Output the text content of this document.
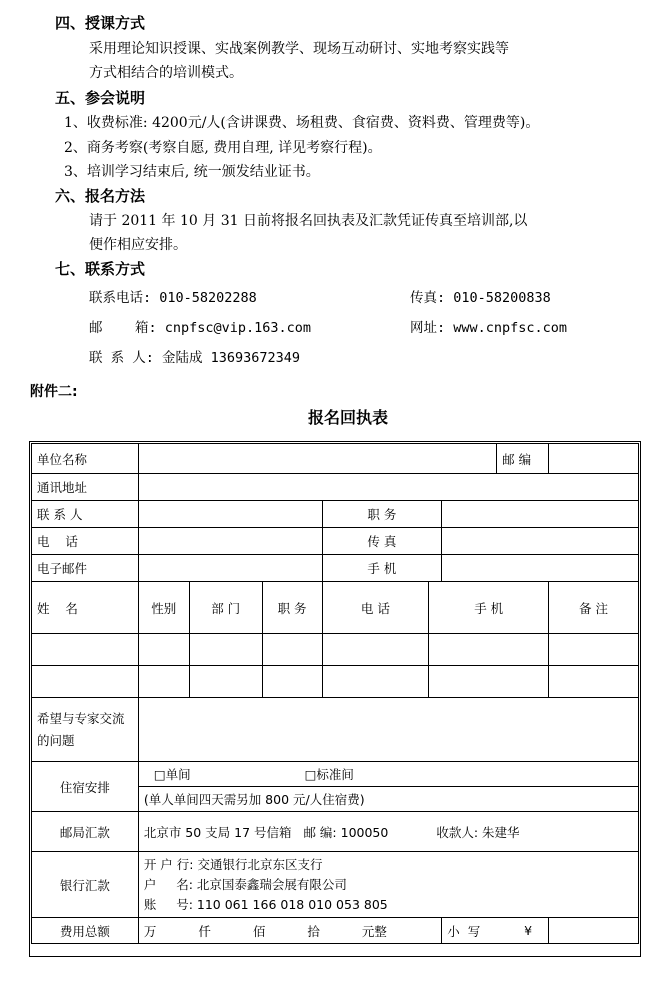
四、授课方式
采用理论知识授课、实战案例教学、现场互动研讨、实地考察实践等
方式相结合的培训模式。
五、参会说明
1、收费标准: 4200元/人(含讲课费、场租费、食宿费、资料费、管理费等)。
2、商务考察(考察自愿, 费用自理, 详见考察行程)。
3、培训学习结束后, 统一颁发结业证书。
六、报名方法
请于 2011 年 10 月 31 日前将报名回执表及汇款凭证传真至培训部,以
便作相应安排。
七、联系方式
联系电话: 010-58202288	传真: 010-58200838
邮    箱: cnpfsc@vip.163.com	网址: www.cnpfsc.com
联 系 人: 金陆成 13693672349
附件二:
报名回执表
单位名称							邮 编	
通讯地址								
联 系 人				职 务				
电    话				传 真				
电子邮件				手 机				
姓    名	性别	部 门	职 务	电 话	手 机			备 注

希望与专家交流的问题								
住宿安排	□单间 □标准间							
	(单人单间四天需另加 800 元/人住宿费)							
邮局汇款	北京市 50 支局 17 号信箱   邮 编: 100050 收款人: 朱建华							
银行汇款	开 户 行: 交通银行北京东区支行
户     名: 北京国泰鑫瑞会展有限公司
账     号: 110 061 166 018 010 053 805							

费用总额	万 仟 佰 拾 元整					小  写		¥
